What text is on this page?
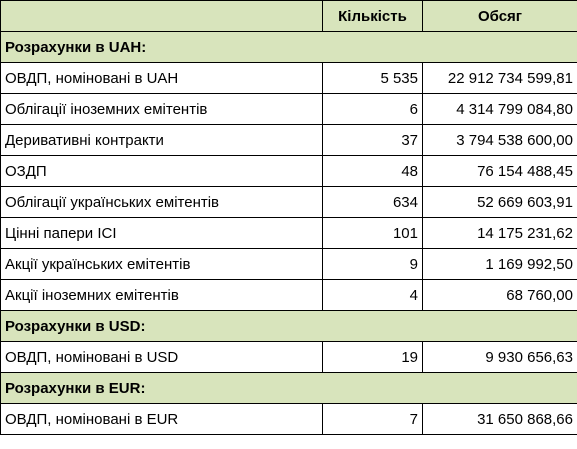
	Кількість	Обсяг
Розрахунки в UAH:		
ОВДП, номіновані в UAH	5 535	22 912 734 599,81
Облігації іноземних емітентів	6	4 314 799 084,80
Деривативні контракти	37	3 794 538 600,00
ОЗДП	48	76 154 488,45
Облігації українських емітентів	634	52 669 603,91
Цінні папери ІСІ	101	14 175 231,62
Акції українських емітентів	9	1 169 992,50
Акції іноземних емітентів	4	68 760,00
Розрахунки в USD:		
ОВДП, номіновані в USD	19	9 930 656,63
Розрахунки в EUR:		
ОВДП, номіновані в EUR	7	31 650 868,66
